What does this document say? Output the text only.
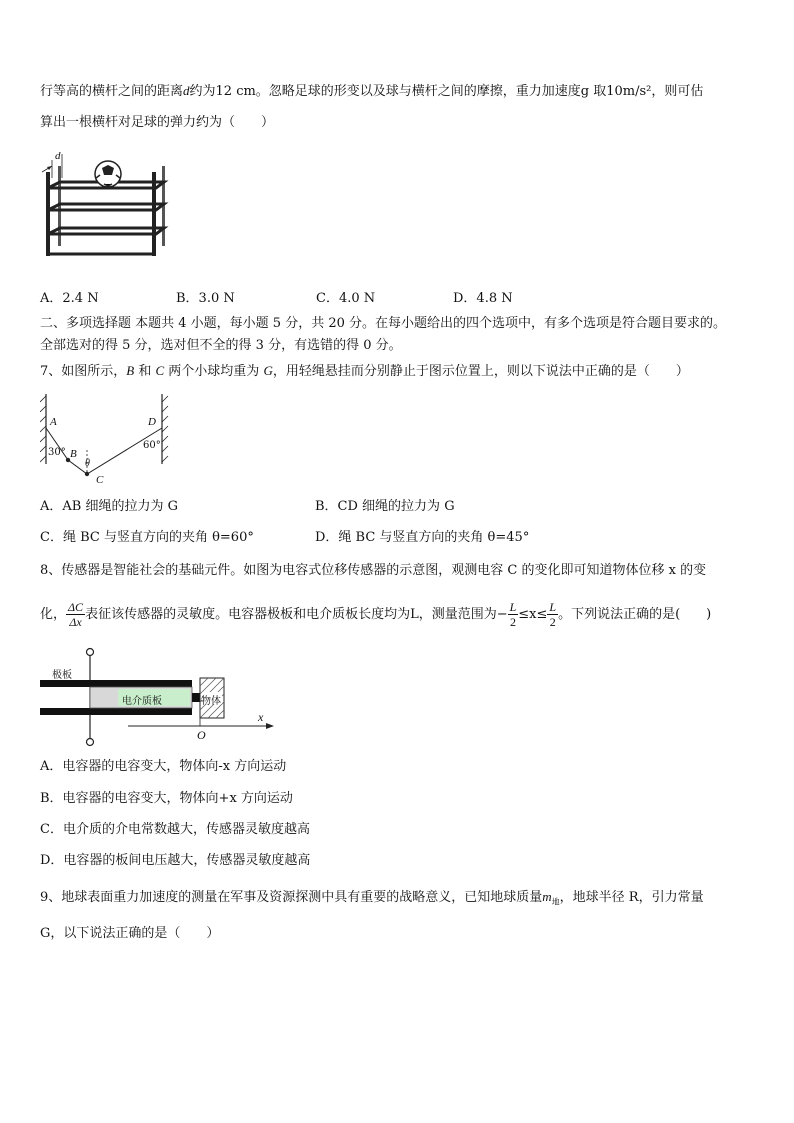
行等高的横杆之间的距离d约为12 cm。忽略足球的形变以及球与横杆之间的摩擦，重力加速度g 取10m/s²，则可估
算出一根横杆对足球的弹力约为（　　）
d
A．2.4 N	B．3.0 N	C．4.0 N	D．4.8 N
二、多项选择题 本题共 4 小题，每小题 5 分，共 20 分。在每小题给出的四个选项中，有多个选项是符合题目要求的。
全部选对的得 5 分，选对但不全的得 3 分，有选错的得 0 分。
7、如图所示，B 和 C 两个小球均重为 G，用轻绳悬挂而分别静止于图示位置上，则以下说法中正确的是（　　）
A
B
C
D
30°
60°
θ
A．AB 细绳的拉力为 G	B．CD 细绳的拉力为 G
C．绳 BC 与竖直方向的夹角 θ=60°	D．绳 BC 与竖直方向的夹角 θ=45°
8、传感器是智能社会的基础元件。如图为电容式位移传感器的示意图，观测电容 C 的变化即可知道物体位移 x 的变
化， $\frac{\Delta C}{\Delta x}$ 表征该传感器的灵敏度。电容器极板和电介质板长度均为L，测量范围为− $\frac{L}{2} \le x\le \frac{L}{2}$ 。下列说法正确的是(　　)
极板
电介质板	物体
x
O
A．电容器的电容变大，物体向-x 方向运动
B．电容器的电容变大，物体向+x 方向运动
C．电介质的介电常数越大，传感器灵敏度越高
D．电容器的板间电压越大，传感器灵敏度越高
9、地球表面重力加速度的测量在军事及资源探测中具有重要的战略意义，已知地球质量$m_地$，地球半径 R，引力常量
G，以下说法正确的是（　　）
